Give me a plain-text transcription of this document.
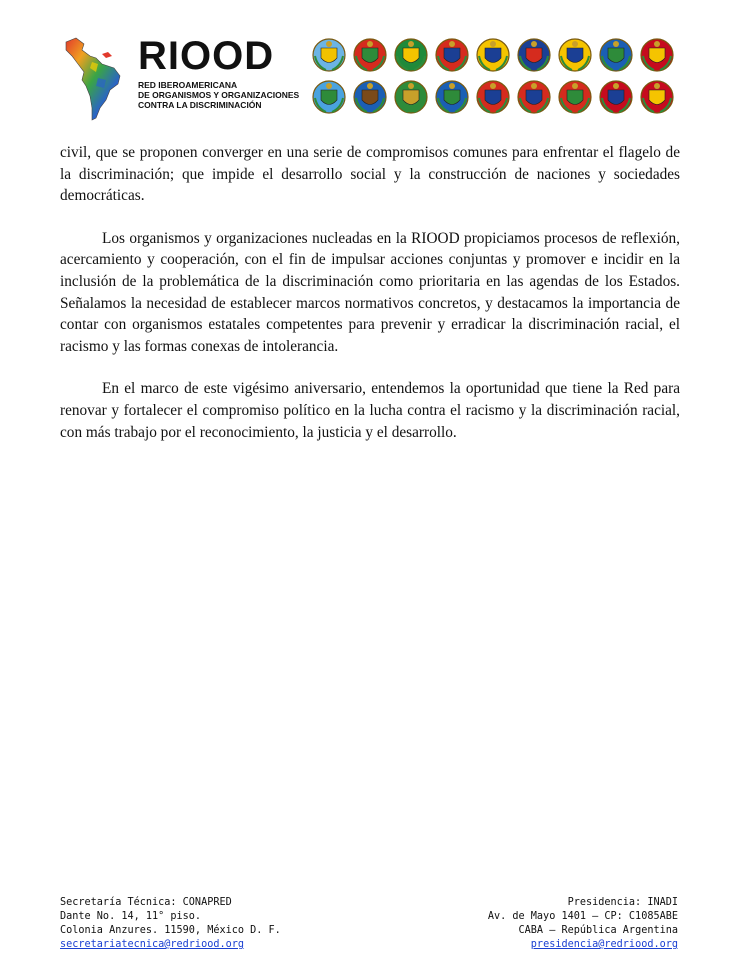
RIOOD
RED IBEROAMERICANA
DE ORGANISMOS Y ORGANIZACIONES
CONTRA LA DISCRIMINACIÓN

civil, que se proponen converger en una serie de compromisos comunes para enfrentar el flagelo de la discriminación; que impide el desarrollo social y la construcción de naciones y sociedades democráticas.

Los organismos y organizaciones nucleadas en la RIOOD propiciamos procesos de reflexión, acercamiento y cooperación, con el fin de impulsar acciones conjuntas y promover e incidir en la inclusión de la problemática de la discriminación como prioritaria en las agendas de los Estados. Señalamos la necesidad de establecer marcos normativos concretos, y destacamos la importancia de contar con organismos estatales competentes para prevenir y erradicar la discriminación racial, el racismo y las formas conexas de intolerancia.

En el marco de este vigésimo aniversario, entendemos la oportunidad que tiene la Red para renovar y fortalecer el compromiso político en la lucha contra el racismo y la discriminación racial, con más trabajo por el reconocimiento, la justicia y el desarrollo.

Secretaría Técnica: CONAPRED
Dante No. 14, 11° piso.
Colonia Anzures. 11590, México D. F.
secretariatecnica@redriood.org
Presidencia: INADI
Av. de Mayo 1401 – CP: C1085ABE
CABA – República Argentina
presidencia@redriood.org
